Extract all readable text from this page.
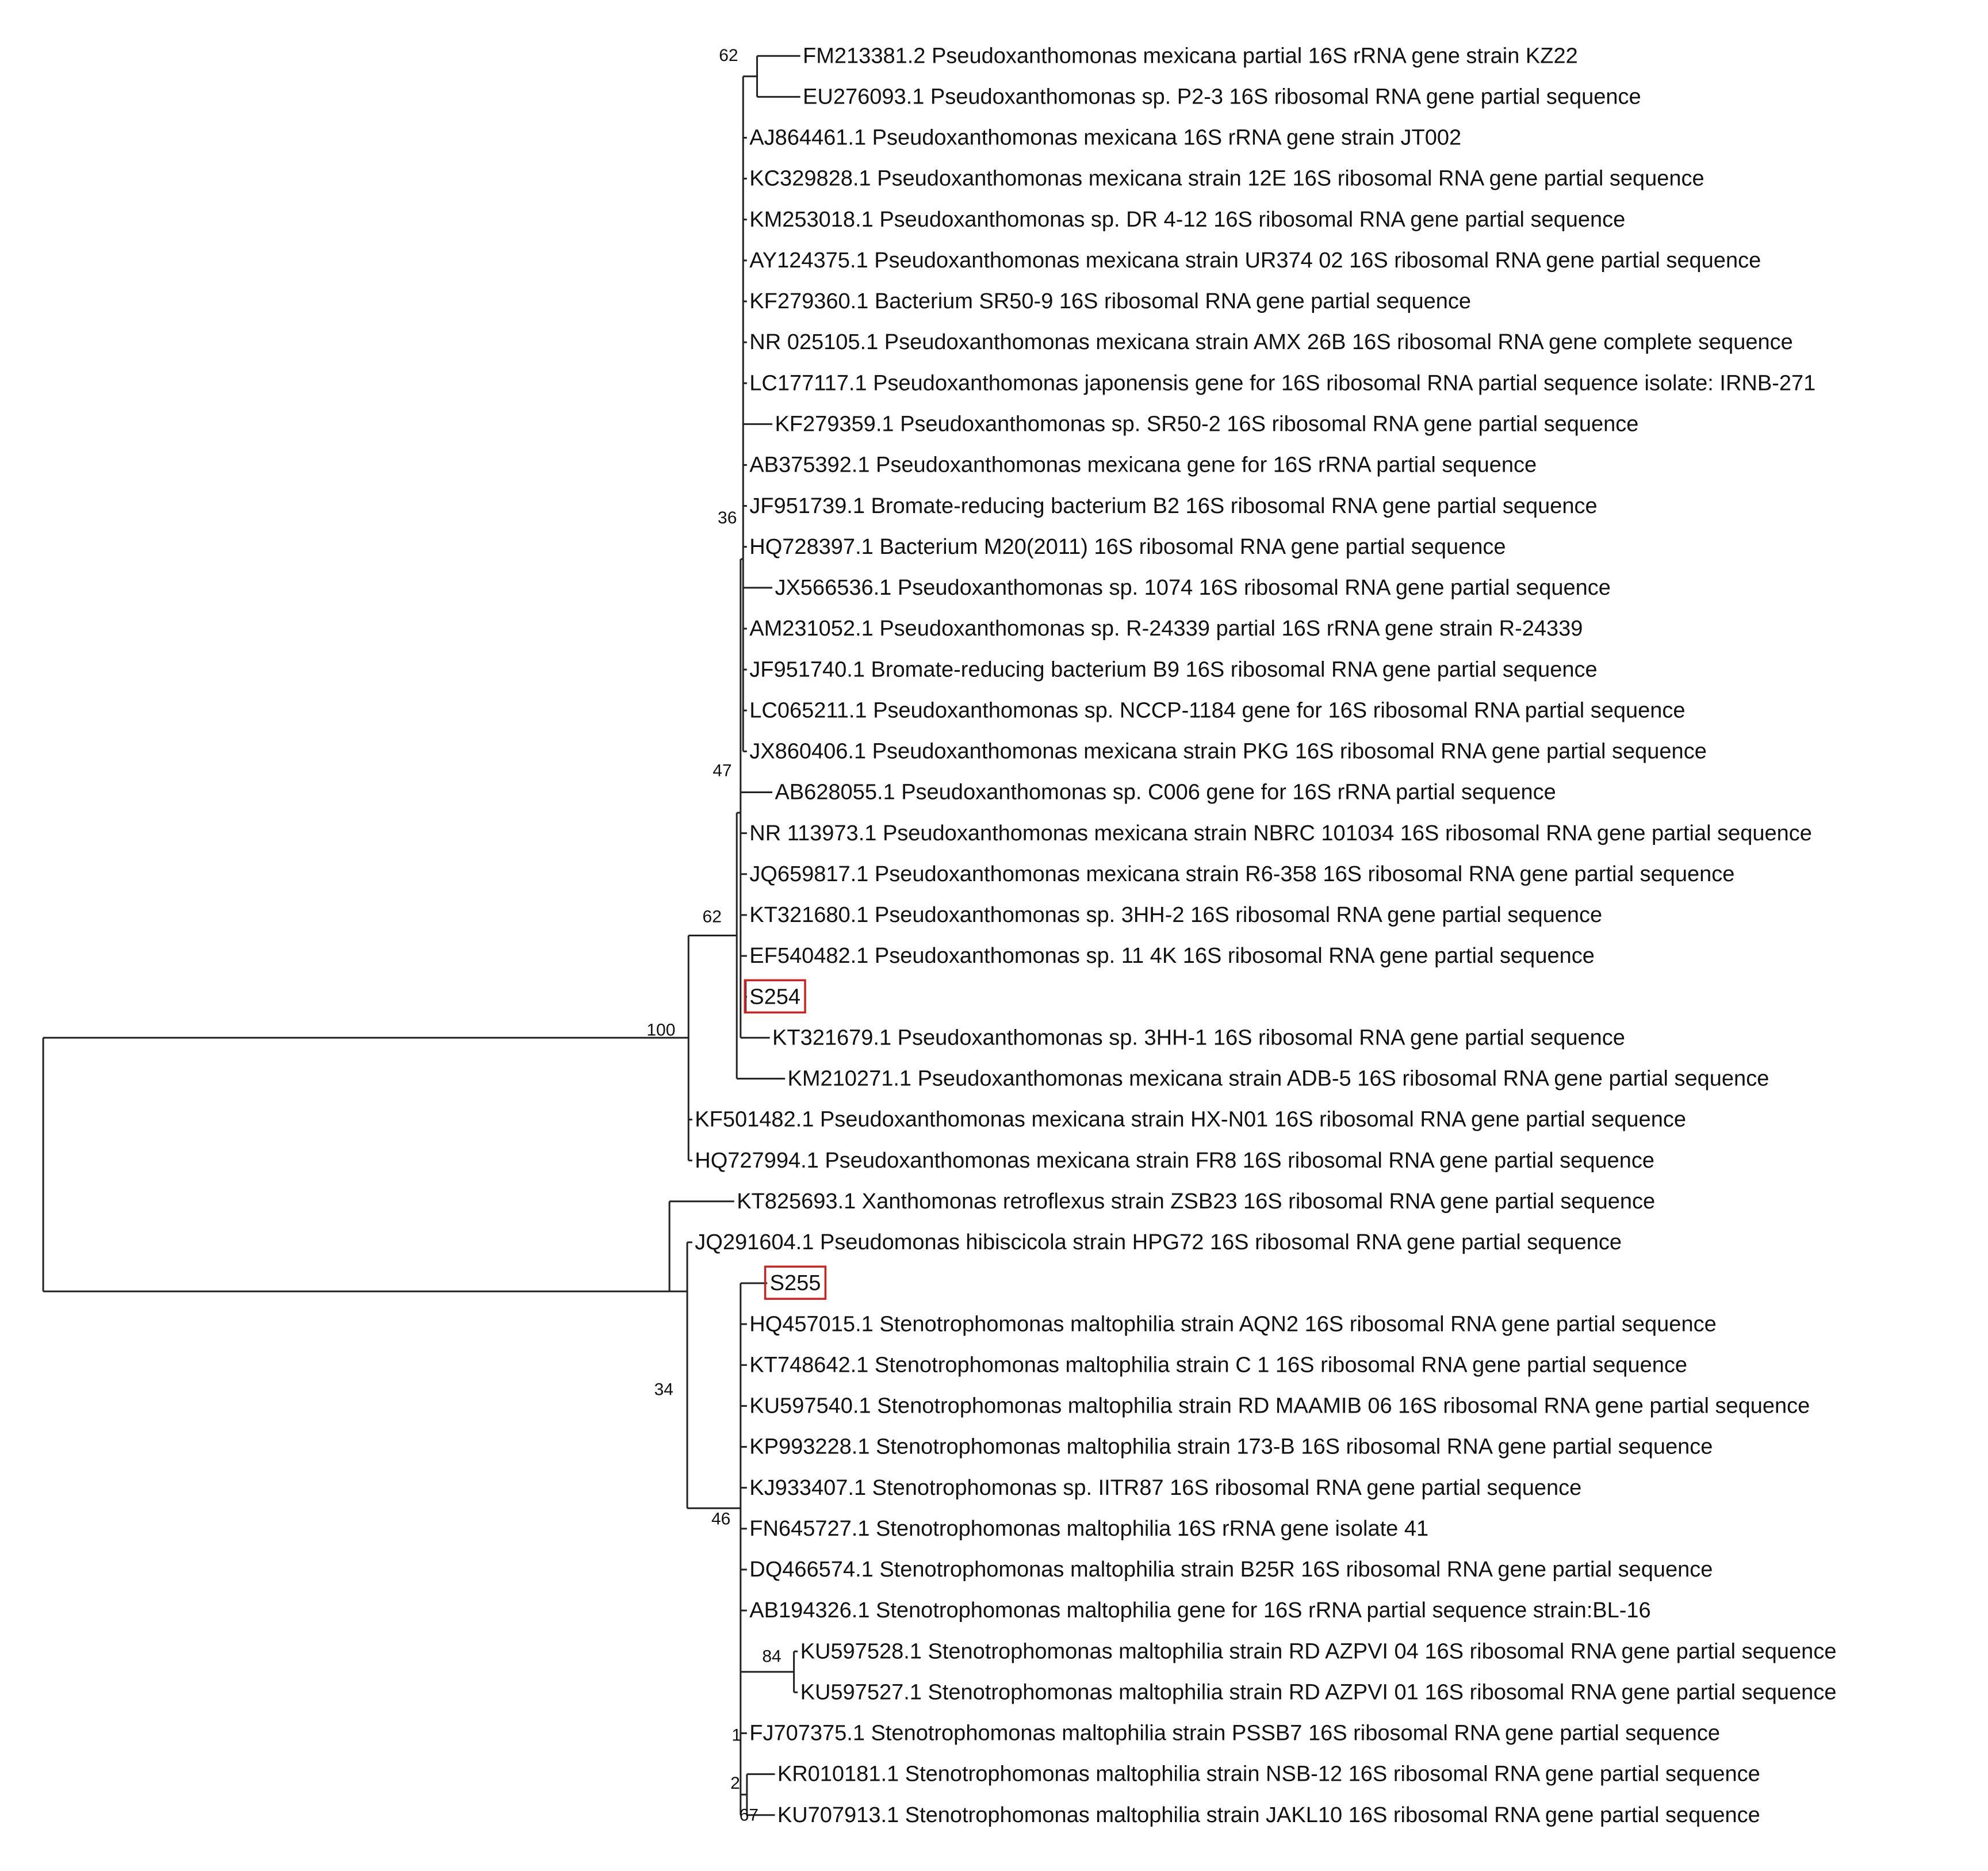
FM213381.2 Pseudoxanthomonas mexicana partial 16S rRNA gene strain KZ22
EU276093.1 Pseudoxanthomonas sp. P2-3 16S ribosomal RNA gene partial sequence
AJ864461.1 Pseudoxanthomonas mexicana 16S rRNA gene strain JT002
KC329828.1 Pseudoxanthomonas mexicana strain 12E 16S ribosomal RNA gene partial sequence
KM253018.1 Pseudoxanthomonas sp. DR 4-12 16S ribosomal RNA gene partial sequence
AY124375.1 Pseudoxanthomonas mexicana strain UR374 02 16S ribosomal RNA gene partial sequence
KF279360.1 Bacterium SR50-9 16S ribosomal RNA gene partial sequence
NR 025105.1 Pseudoxanthomonas mexicana strain AMX 26B 16S ribosomal RNA gene complete sequence
LC177117.1 Pseudoxanthomonas japonensis gene for 16S ribosomal RNA partial sequence isolate: IRNB-271
KF279359.1 Pseudoxanthomonas sp. SR50-2 16S ribosomal RNA gene partial sequence
AB375392.1 Pseudoxanthomonas mexicana gene for 16S rRNA partial sequence
JF951739.1 Bromate-reducing bacterium B2 16S ribosomal RNA gene partial sequence
HQ728397.1 Bacterium M20(2011) 16S ribosomal RNA gene partial sequence
JX566536.1 Pseudoxanthomonas sp. 1074 16S ribosomal RNA gene partial sequence
AM231052.1 Pseudoxanthomonas sp. R-24339 partial 16S rRNA gene strain R-24339
JF951740.1 Bromate-reducing bacterium B9 16S ribosomal RNA gene partial sequence
LC065211.1 Pseudoxanthomonas sp. NCCP-1184 gene for 16S ribosomal RNA partial sequence
JX860406.1 Pseudoxanthomonas mexicana strain PKG 16S ribosomal RNA gene partial sequence
AB628055.1 Pseudoxanthomonas sp. C006 gene for 16S rRNA partial sequence
NR 113973.1 Pseudoxanthomonas mexicana strain NBRC 101034 16S ribosomal RNA gene partial sequence
JQ659817.1 Pseudoxanthomonas mexicana strain R6-358 16S ribosomal RNA gene partial sequence
KT321680.1 Pseudoxanthomonas sp. 3HH-2 16S ribosomal RNA gene partial sequence
EF540482.1 Pseudoxanthomonas sp. 11 4K 16S ribosomal RNA gene partial sequence
S254
KT321679.1 Pseudoxanthomonas sp. 3HH-1 16S ribosomal RNA gene partial sequence
KM210271.1 Pseudoxanthomonas mexicana strain ADB-5 16S ribosomal RNA gene partial sequence
KF501482.1 Pseudoxanthomonas mexicana strain HX-N01 16S ribosomal RNA gene partial sequence
HQ727994.1 Pseudoxanthomonas mexicana strain FR8 16S ribosomal RNA gene partial sequence
KT825693.1 Xanthomonas retroflexus strain ZSB23 16S ribosomal RNA gene partial sequence
JQ291604.1 Pseudomonas hibiscicola strain HPG72 16S ribosomal RNA gene partial sequence
S255
HQ457015.1 Stenotrophomonas maltophilia strain AQN2 16S ribosomal RNA gene partial sequence
KT748642.1 Stenotrophomonas maltophilia strain C 1 16S ribosomal RNA gene partial sequence
KU597540.1 Stenotrophomonas maltophilia strain RD MAAMIB 06 16S ribosomal RNA gene partial sequence
KP993228.1 Stenotrophomonas maltophilia strain 173-B 16S ribosomal RNA gene partial sequence
KJ933407.1 Stenotrophomonas sp. IITR87 16S ribosomal RNA gene partial sequence
FN645727.1 Stenotrophomonas maltophilia 16S rRNA gene isolate 41
DQ466574.1 Stenotrophomonas maltophilia strain B25R 16S ribosomal RNA gene partial sequence
AB194326.1 Stenotrophomonas maltophilia gene for 16S rRNA partial sequence strain:BL-16
KU597528.1 Stenotrophomonas maltophilia strain RD AZPVI 04 16S ribosomal RNA gene partial sequence
KU597527.1 Stenotrophomonas maltophilia strain RD AZPVI 01 16S ribosomal RNA gene partial sequence
FJ707375.1 Stenotrophomonas maltophilia strain PSSB7 16S ribosomal RNA gene partial sequence
KR010181.1 Stenotrophomonas maltophilia strain NSB-12 16S ribosomal RNA gene partial sequence
KU707913.1 Stenotrophomonas maltophilia strain JAKL10 16S ribosomal RNA gene partial sequence
62
36
47
62
100
34
46
84
1
2
67
